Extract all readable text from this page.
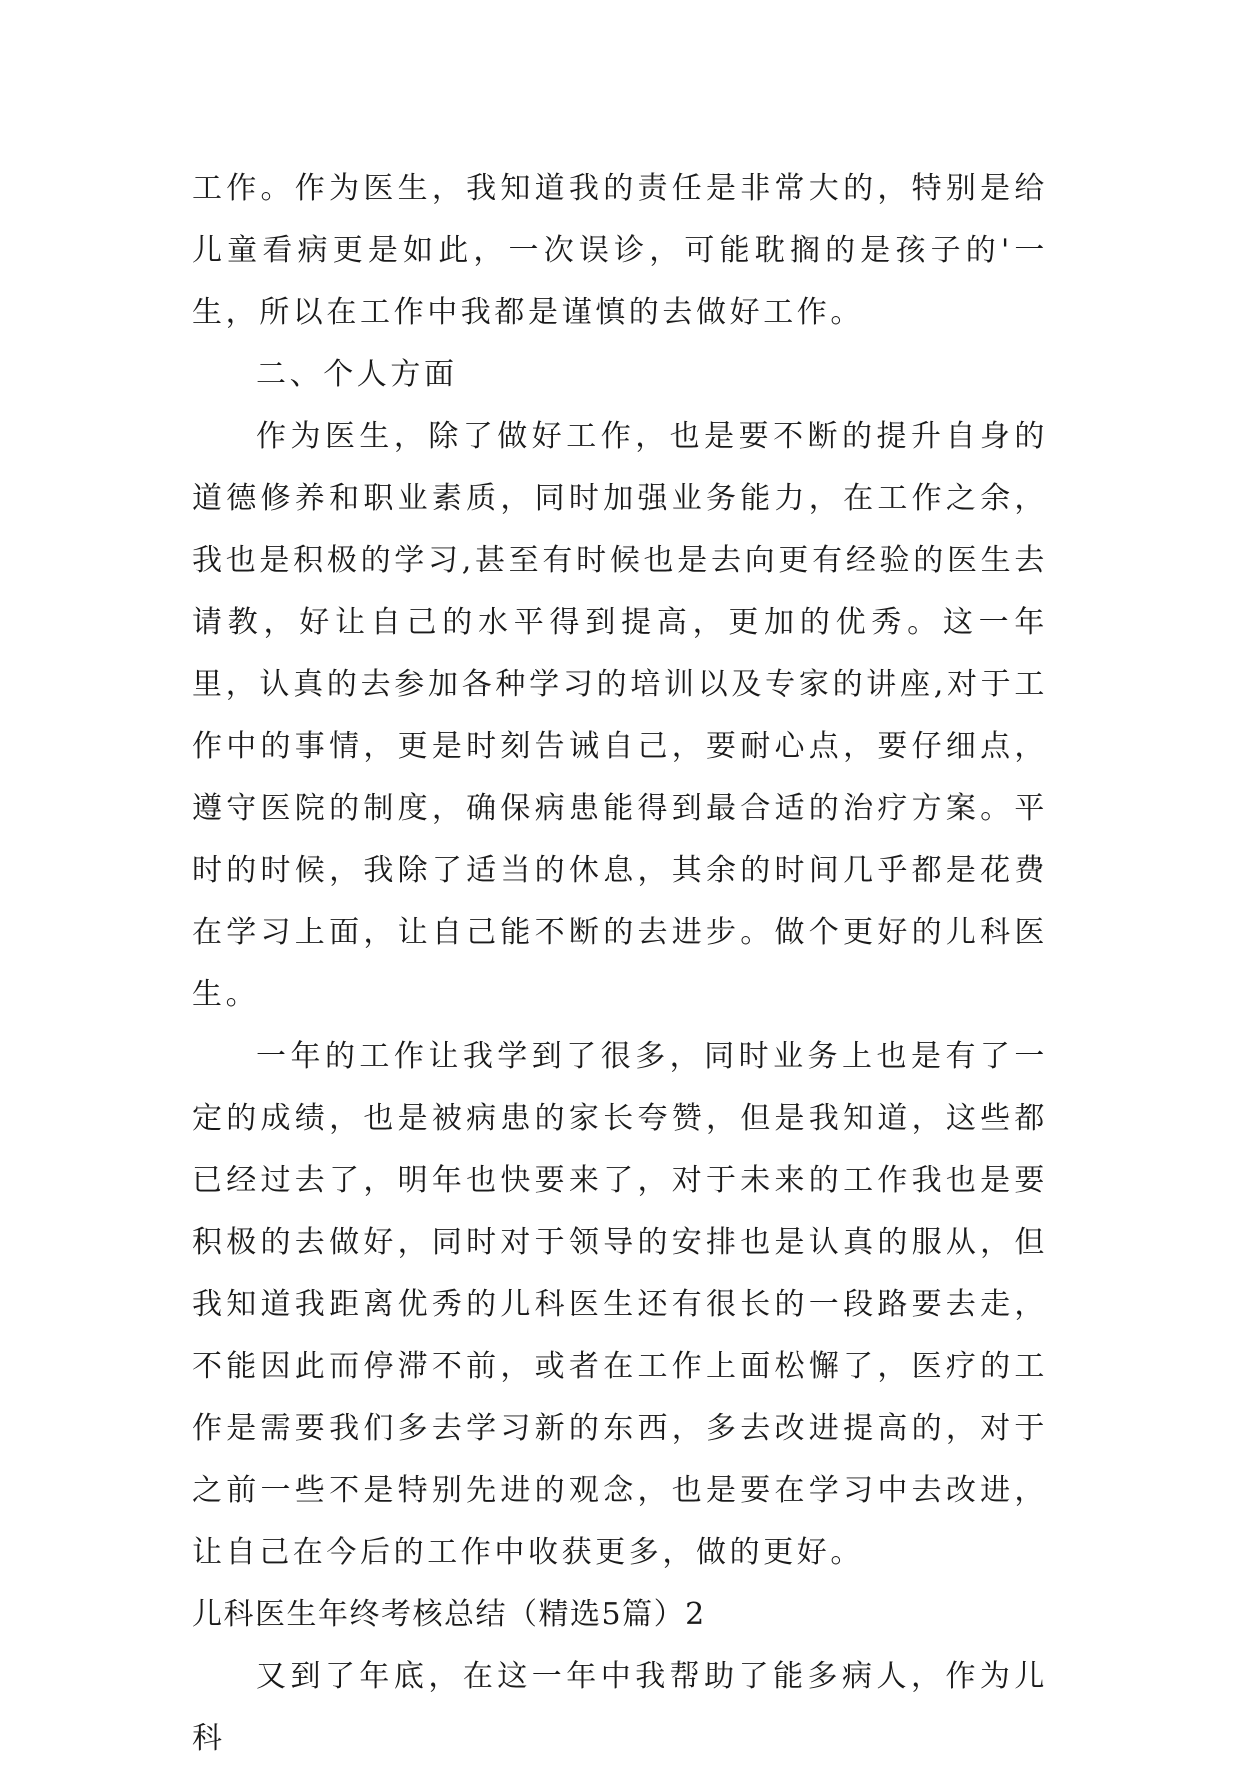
工作。作为医生，我知道我的责任是非常大的，特别是给儿童看病更是如此，一次误诊，可能耽搁的是孩子的'一生，所以在工作中我都是谨慎的去做好工作。

二、个人方面

作为医生，除了做好工作，也是要不断的提升自身的道德修养和职业素质，同时加强业务能力，在工作之余，我也是积极的学习,甚至有时候也是去向更有经验的医生去请教，好让自己的水平得到提高，更加的优秀。这一年里，认真的去参加各种学习的培训以及专家的讲座,对于工作中的事情，更是时刻告诫自己，要耐心点，要仔细点，遵守医院的制度，确保病患能得到最合适的治疗方案。平时的时候，我除了适当的休息，其余的时间几乎都是花费在学习上面，让自己能不断的去进步。做个更好的儿科医生。

一年的工作让我学到了很多，同时业务上也是有了一定的成绩，也是被病患的家长夸赞，但是我知道，这些都已经过去了，明年也快要来了，对于未来的工作我也是要积极的去做好，同时对于领导的安排也是认真的服从，但我知道我距离优秀的儿科医生还有很长的一段路要去走，不能因此而停滞不前，或者在工作上面松懈了，医疗的工作是需要我们多去学习新的东西，多去改进提高的，对于之前一些不是特别先进的观念，也是要在学习中去改进，让自己在今后的工作中收获更多，做的更好。

儿科医生年终考核总结（精选5篇）2

又到了年底，在这一年中我帮助了能多病人，作为儿科
